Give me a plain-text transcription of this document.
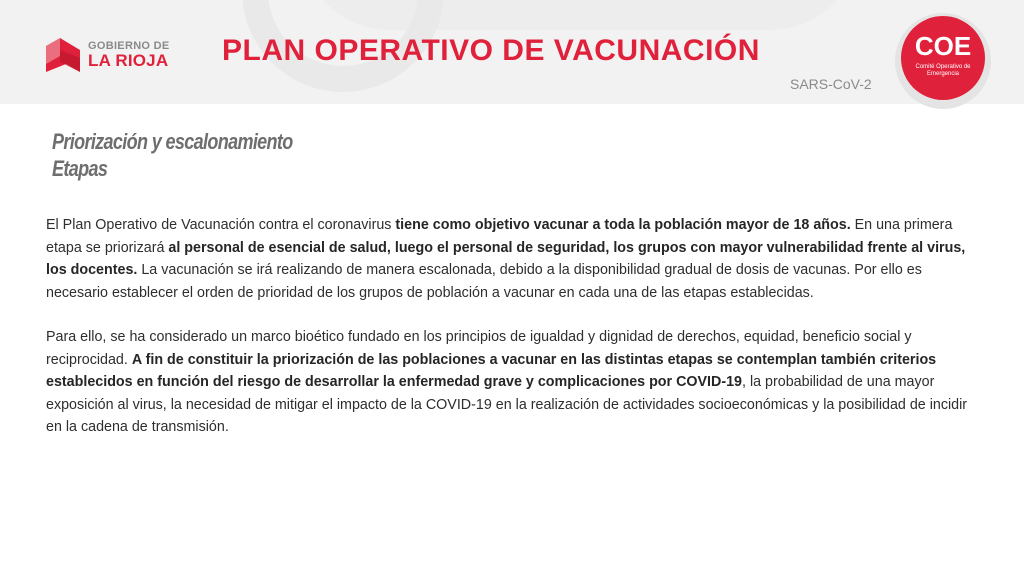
GOBIERNO DE
LA RIOJA PLAN OPERATIVO DE VACUNACIÓN
SARS-CoV-2
COE
Comité Operativo de Emergencia
Priorización y escalonamiento
Etapas

El Plan Operativo de Vacunación contra el coronavirus tiene como objetivo vacunar a toda la población mayor de 18 años. En una primera etapa se priorizará al personal de esencial de salud, luego el personal de seguridad, los grupos con mayor vulnerabilidad frente al virus, los docentes. La vacunación se irá realizando de manera escalonada, debido a la disponibilidad gradual de dosis de vacunas. Por ello es necesario establecer el orden de prioridad de los grupos de población a vacunar en cada una de las etapas establecidas.

Para ello, se ha considerado un marco bioético fundado en los principios de igualdad y dignidad de derechos, equidad, beneficio social y reciprocidad. A fin de constituir la priorización de las poblaciones a vacunar en las distintas etapas se contemplan también criterios establecidos en función del riesgo de desarrollar la enfermedad grave y complicaciones por COVID-19, la probabilidad de una mayor exposición al virus, la necesidad de mitigar el impacto de la COVID-19 en la realización de actividades socioeconómicas y la posibilidad de incidir en la cadena de transmisión.
